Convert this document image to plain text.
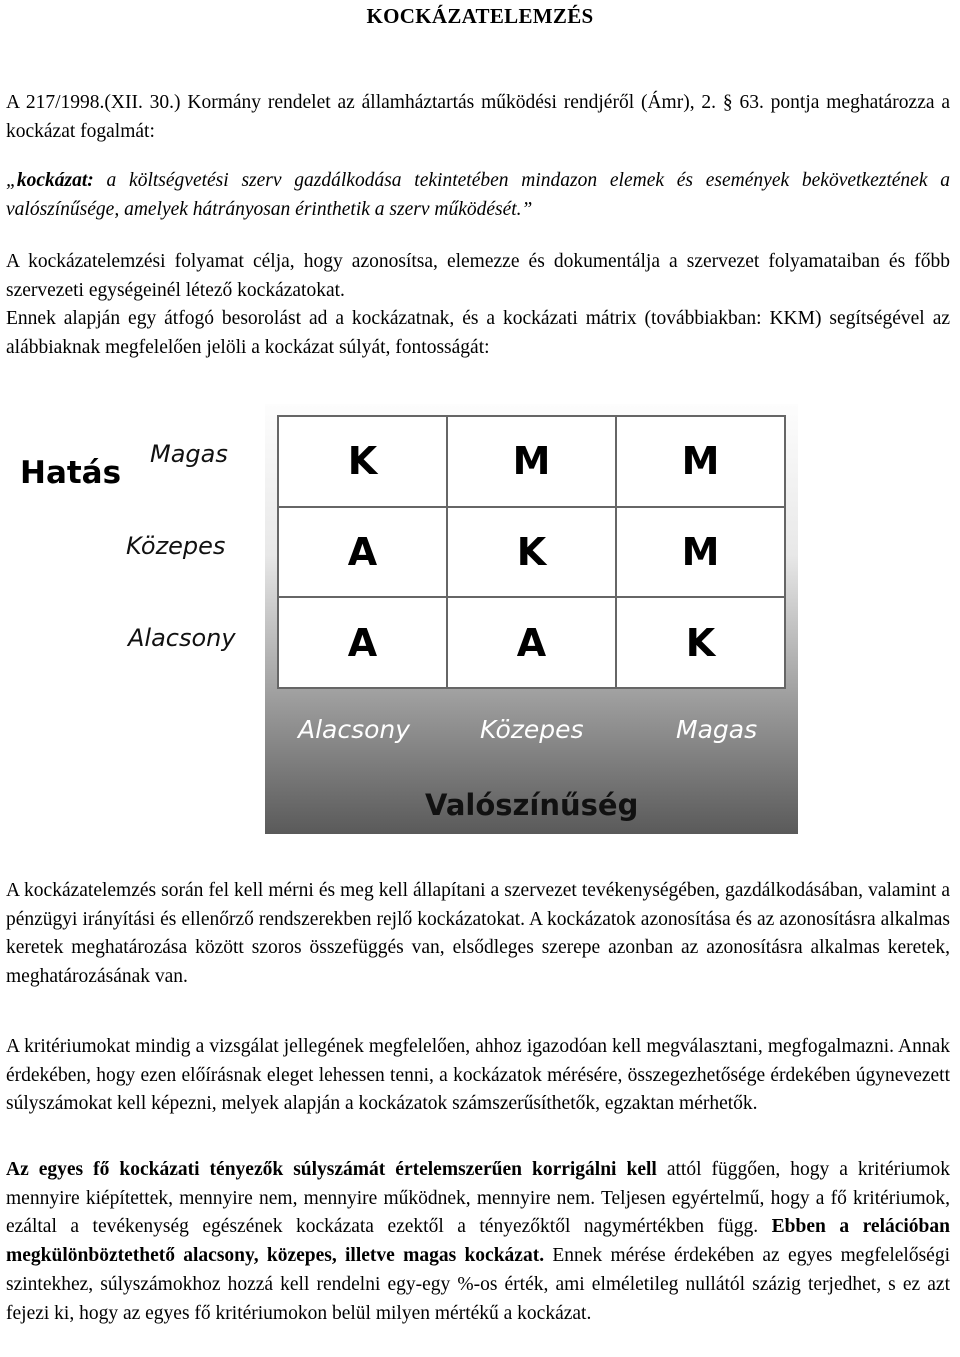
KOCKÁZATELEMZÉS
A 217/1998.(XII. 30.) Kormány rendelet az államháztartás működési rendjéről (Ámr), 2. § 63. pontja meghatározza a kockázat fogalmát:
„kockázat: a költségvetési szerv gazdálkodása tekintetében mindazon elemek és események bekövetkeztének a valószínűsége, amelyek hátrányosan érinthetik a szerv működését.”
A kockázatelemzési folyamat célja, hogy azonosítsa, elemezze és dokumentálja a szervezet folyamataiban és főbb szervezeti egységeinél létező kockázatokat.
Ennek alapján egy átfogó besorolást ad a kockázatnak, és a kockázati mátrix (továbbiakban: KKM) segítségével az alábbiaknak megfelelően jelöli a kockázat súlyát, fontosságát:
Hatás
Magas
Közepes
Alacsony
K	M	M
A	K	M
A	A	K
Alacsony	Közepes	Magas
Valószínűség
A kockázatelemzés során fel kell mérni és meg kell állapítani a szervezet tevékenységében, gazdálkodásában, valamint a pénzügyi irányítási és ellenőrző rendszerekben rejlő kockázatokat. A kockázatok azonosítása és az azonosításra alkalmas keretek meghatározása között szoros összefüggés van, elsődleges szerepe azonban az azonosításra alkalmas keretek, meghatározásának van.
A kritériumokat mindig a vizsgálat jellegének megfelelően, ahhoz igazodóan kell megválasztani, megfogalmazni. Annak érdekében, hogy ezen előírásnak eleget lehessen tenni, a kockázatok mérésére, összegezhetősége érdekében úgynevezett súlyszámokat kell képezni, melyek alapján a kockázatok számszerűsíthetők, egzaktan mérhetők.
Az egyes fő kockázati tényezők súlyszámát értelemszerűen korrigálni kell attól függően, hogy a kritériumok mennyire kiépítettek, mennyire nem, mennyire működnek, mennyire nem. Teljesen egyértelmű, hogy a fő kritériumok, ezáltal a tevékenység egészének kockázata ezektől a tényezőktől nagymértékben függ. Ebben a relációban megkülönböztethető alacsony, közepes, illetve magas kockázat. Ennek mérése érdekében az egyes megfelelőségi szintekhez, súlyszámokhoz hozzá kell rendelni egy-egy %-os érték, ami elméletileg nullától százig terjedhet, s ez azt fejezi ki, hogy az egyes fő kritériumokon belül milyen mértékű a kockázat.
